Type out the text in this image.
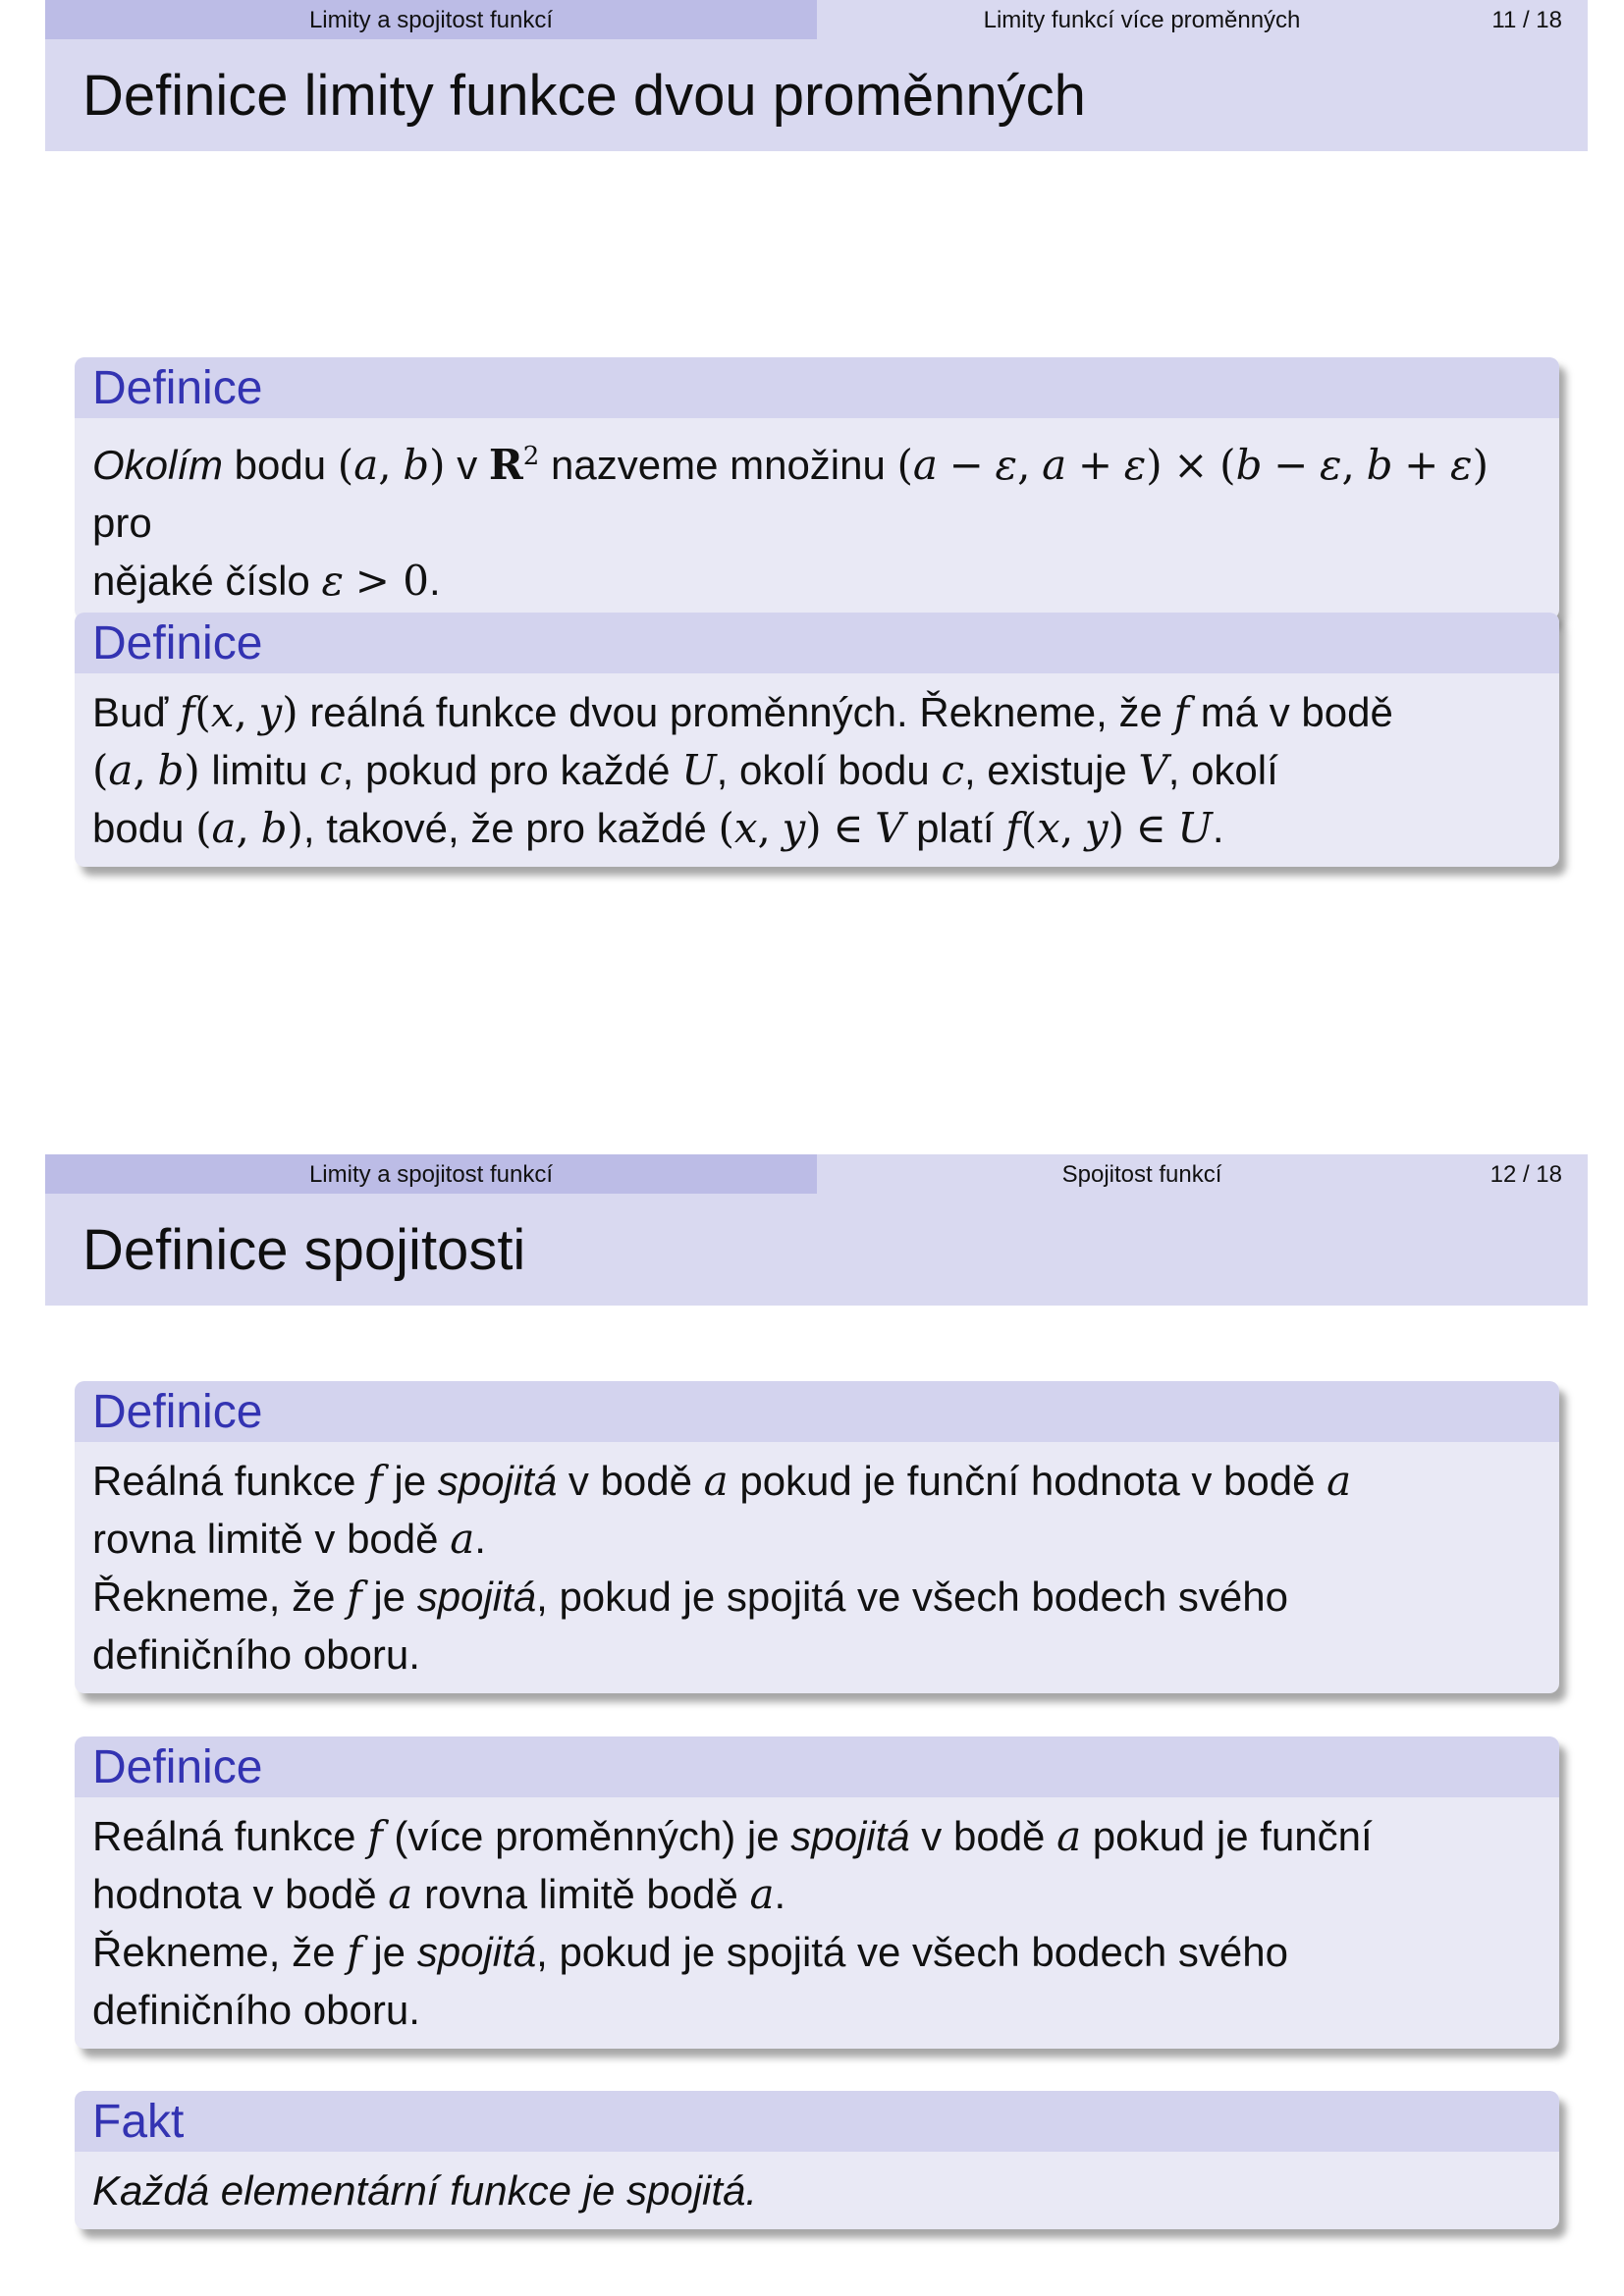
Limity a spojitost funkcí	Limity funkcí více proměnných	11 / 18
Definice limity funkce dvou proměnných
Definice

Okolím bodu (a, b) v $R^2$ nazveme množinu (a − ε, a + ε) × (b − ε, b + ε) pro
nějaké číslo ε > 0.

Definice

Buď f(x, y) reálná funkce dvou proměnných. Řekneme, že f má v bodě
(a, b) limitu c, pokud pro každé U, okolí bodu c, existuje V, okolí
bodu (a, b), takové, že pro každé (x, y) ∈ V platí f(x, y) ∈ U.

Limity a spojitost funkcí	Spojitost funkcí	12 / 18
Definice spojitosti
Definice

Reálná funkce f je spojitá v bodě a pokud je funční hodnota v bodě a
rovna limitě v bodě a.
Řekneme, že f je spojitá, pokud je spojitá ve všech bodech svého
definičního oboru.

Definice

Reálná funkce f (více proměnných) je spojitá v bodě a pokud je funční
hodnota v bodě a rovna limitě bodě a.
Řekneme, že f je spojitá, pokud je spojitá ve všech bodech svého
definičního oboru.

Fakt

Každá elementární funkce je spojitá.
